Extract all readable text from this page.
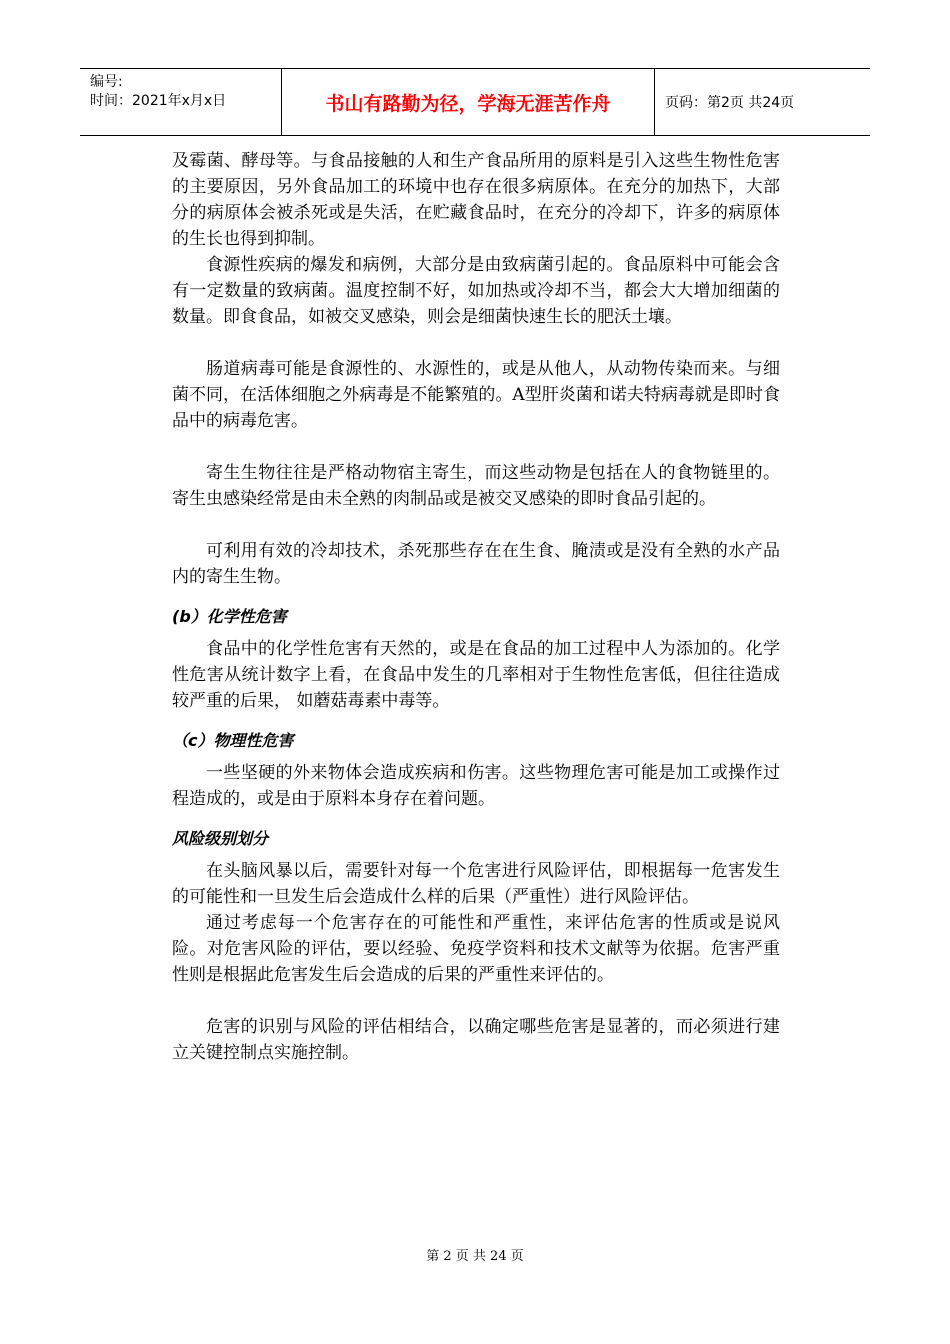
编号:
时间：2021年x月x日	书山有路勤为径，学海无涯苦作舟	页码：第2页 共24页

及霉菌、酵母等。与食品接触的人和生产食品所用的原料是引入这些生物性危害的主要原因，另外食品加工的环境中也存在很多病原体。在充分的加热下，大部分的病原体会被杀死或是失活，在贮藏食品时，在充分的冷却下，许多的病原体的生长也得到抑制。

食源性疾病的爆发和病例，大部分是由致病菌引起的。食品原料中可能会含有一定数量的致病菌。温度控制不好，如加热或冷却不当，都会大大增加细菌的数量。即食食品，如被交叉感染，则会是细菌快速生长的肥沃土壤。

肠道病毒可能是食源性的、水源性的，或是从他人，从动物传染而来。与细菌不同，在活体细胞之外病毒是不能繁殖的。A型肝炎菌和诺夫特病毒就是即时食品中的病毒危害。

寄生生物往往是严格动物宿主寄生，而这些动物是包括在人的食物链里的。寄生虫感染经常是由未全熟的肉制品或是被交叉感染的即时食品引起的。

可利用有效的冷却技术，杀死那些存在在生食、腌渍或是没有全熟的水产品内的寄生生物。

(b）化学性危害

食品中的化学性危害有天然的，或是在食品的加工过程中人为添加的。化学性危害从统计数字上看，在食品中发生的几率相对于生物性危害低，但往往造成较严重的后果， 如蘑菇毒素中毒等。

（c）物理性危害

一些坚硬的外来物体会造成疾病和伤害。这些物理危害可能是加工或操作过程造成的，或是由于原料本身存在着问题。

风险级别划分

在头脑风暴以后，需要针对每一个危害进行风险评估，即根据每一危害发生的可能性和一旦发生后会造成什么样的后果（严重性）进行风险评估。

通过考虑每一个危害存在的可能性和严重性，来评估危害的性质或是说风险。对危害风险的评估，要以经验、免疫学资料和技术文献等为依据。危害严重性则是根据此危害发生后会造成的后果的严重性来评估的。

危害的识别与风险的评估相结合，以确定哪些危害是显著的，而必须进行建立关键控制点实施控制。

第 2 页 共 24 页
